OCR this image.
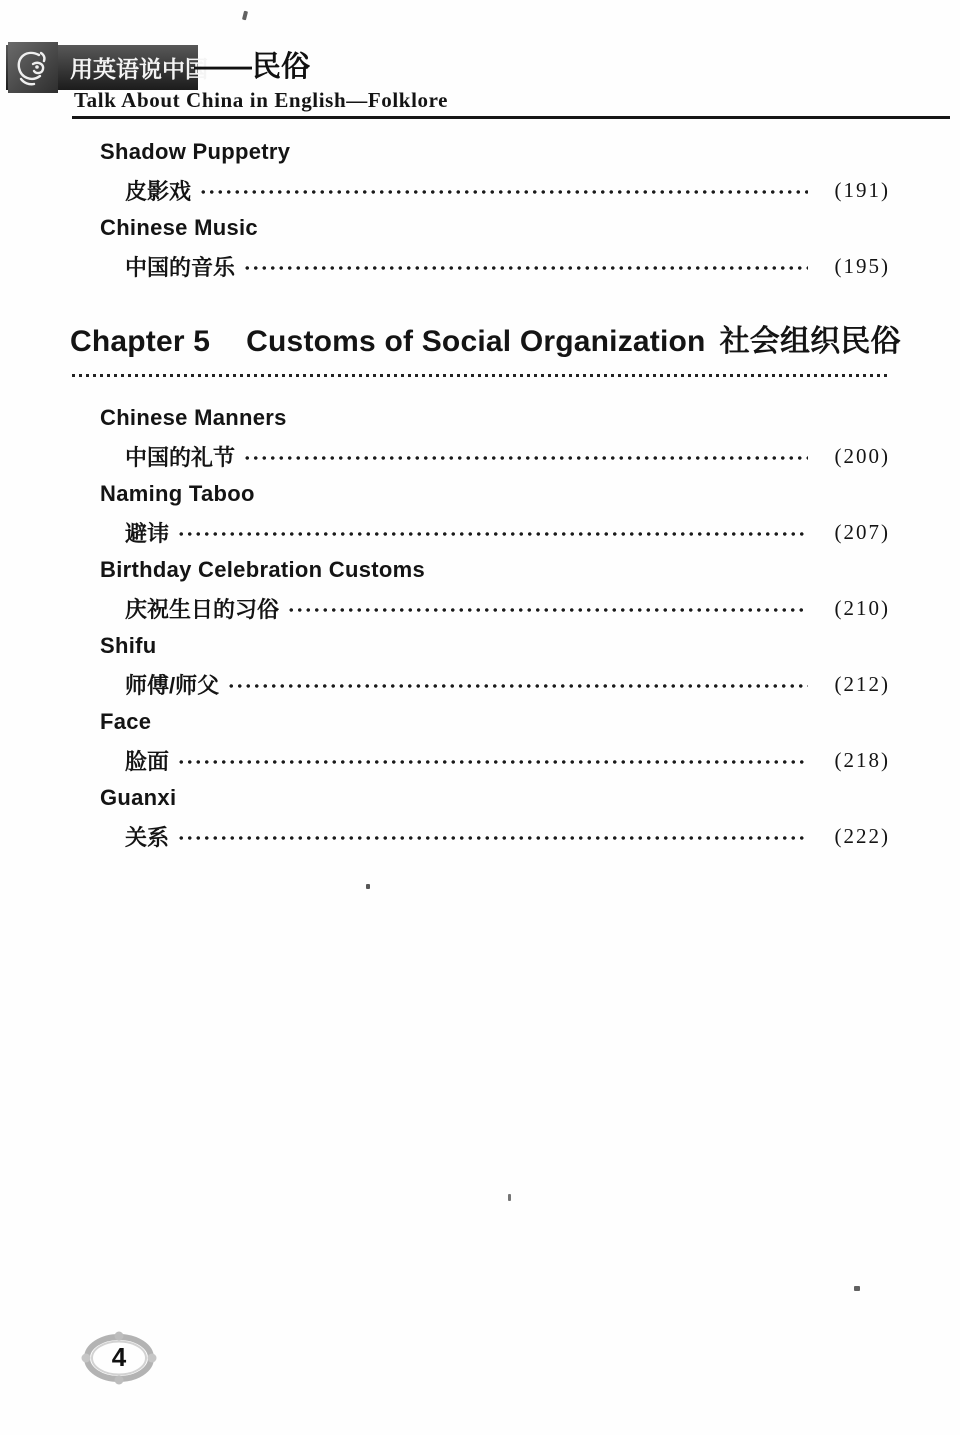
用英语说中国
——民俗
Talk About China in English—Folklore
Shadow Puppetry
皮影戏	(191)
Chinese Music
中国的音乐	(195)
Chapter 5 Customs of Social Organization 社会组织民俗
Chinese Manners
中国的礼节	(200)
Naming Taboo
避讳	(207)
Birthday Celebration Customs
庆祝生日的习俗	(210)
Shifu
师傅/师父	(212)
Face
脸面	(218)
Guanxi
关系	(222)
4
